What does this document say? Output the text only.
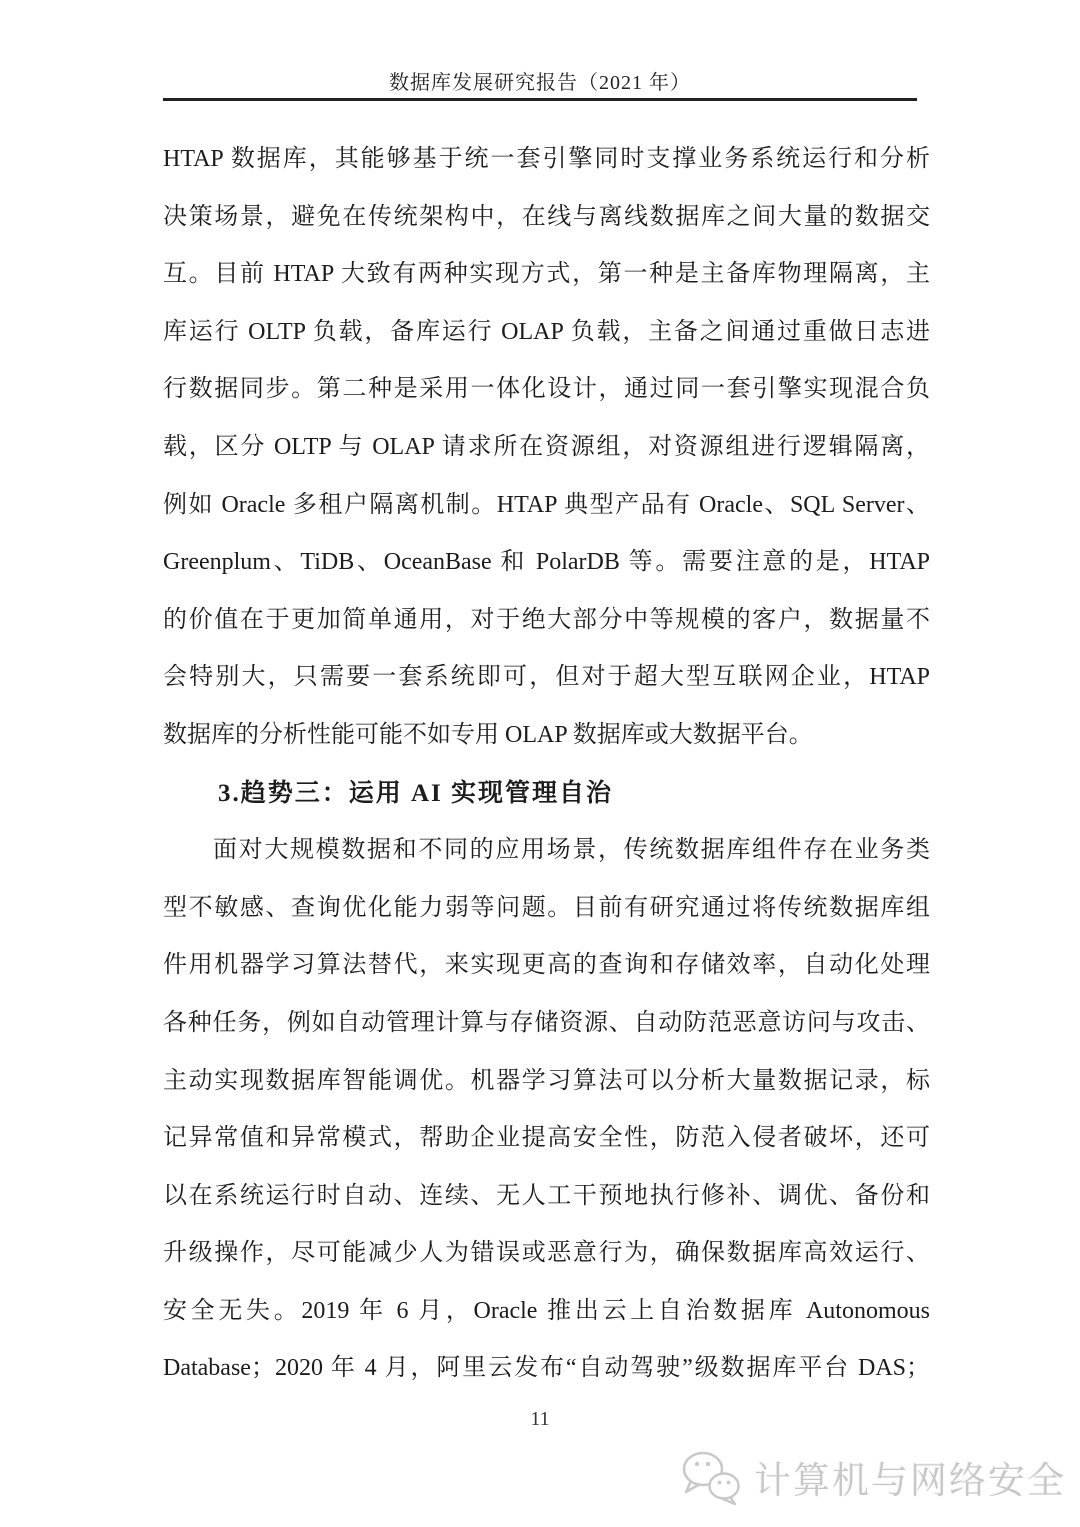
数据库发展研究报告（2021 年）
HTAP 数据库，其能够基于统一套引擎同时支撑业务系统运行和分析
决策场景，避免在传统架构中，在线与离线数据库之间大量的数据交
互。目前 HTAP 大致有两种实现方式，第一种是主备库物理隔离，主
库运行 OLTP 负载，备库运行 OLAP 负载，主备之间通过重做日志进
行数据同步。第二种是采用一体化设计，通过同一套引擎实现混合负
载，区分 OLTP 与 OLAP 请求所在资源组，对资源组进行逻辑隔离，
例如 Oracle 多租户隔离机制。HTAP 典型产品有 Oracle、SQL Server、
Greenplum、TiDB、OceanBase 和 PolarDB 等。需要注意的是，HTAP
的价值在于更加简单通用，对于绝大部分中等规模的客户，数据量不
会特别大，只需要一套系统即可，但对于超大型互联网企业，HTAP
数据库的分析性能可能不如专用 OLAP 数据库或大数据平台。
3.趋势三：运用 AI 实现管理自治
面对大规模数据和不同的应用场景，传统数据库组件存在业务类
型不敏感、查询优化能力弱等问题。目前有研究通过将传统数据库组
件用机器学习算法替代，来实现更高的查询和存储效率，自动化处理
各种任务，例如自动管理计算与存储资源、自动防范恶意访问与攻击、
主动实现数据库智能调优。机器学习算法可以分析大量数据记录，标
记异常值和异常模式，帮助企业提高安全性，防范入侵者破坏，还可
以在系统运行时自动、连续、无人工干预地执行修补、调优、备份和
升级操作，尽可能减少人为错误或恶意行为，确保数据库高效运行、
安全无失。2019 年 6 月，Oracle 推出云上自治数据库 Autonomous
Database；2020 年 4 月，阿里云发布“自动驾驶”级数据库平台 DAS；
11
计算机与网络安全
